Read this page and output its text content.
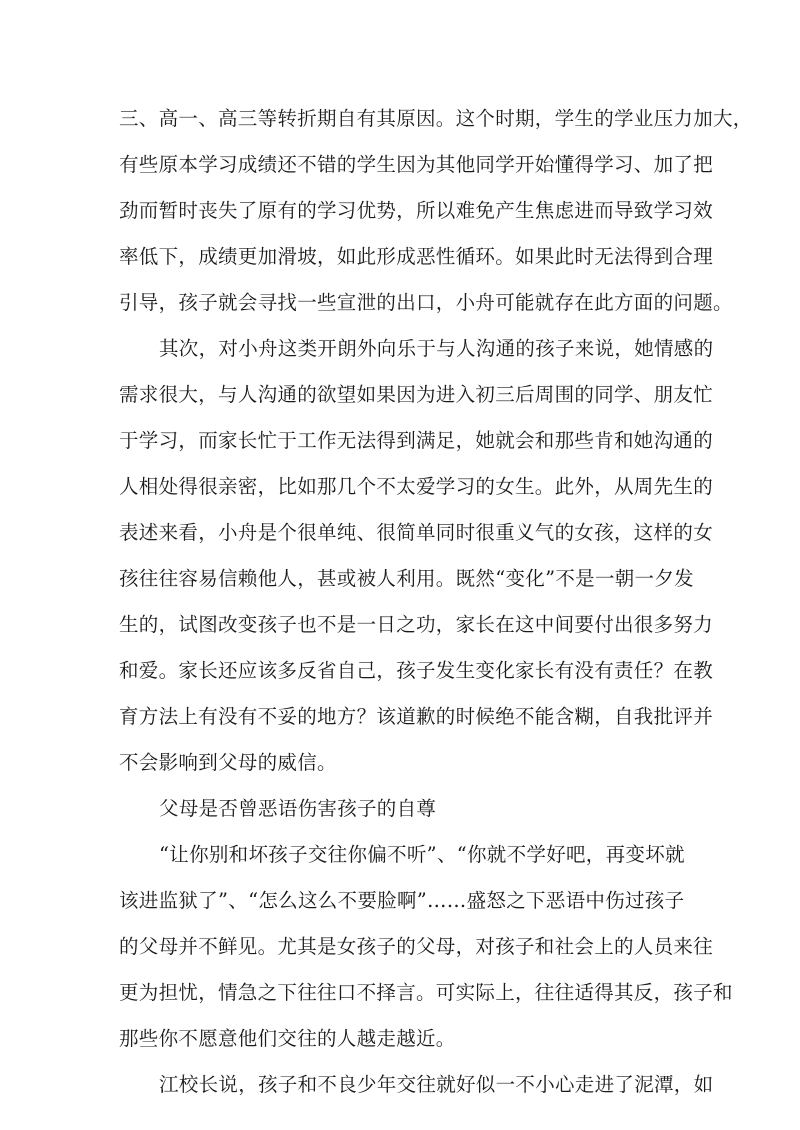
三、高一、高三等转折期自有其原因。这个时期，学生的学业压力加大，
有些原本学习成绩还不错的学生因为其他同学开始懂得学习、加了把
劲而暂时丧失了原有的学习优势，所以难免产生焦虑进而导致学习效
率低下，成绩更加滑坡，如此形成恶性循环。如果此时无法得到合理
引导，孩子就会寻找一些宣泄的出口，小舟可能就存在此方面的问题。
其次，对小舟这类开朗外向乐于与人沟通的孩子来说，她情感的
需求很大，与人沟通的欲望如果因为进入初三后周围的同学、朋友忙
于学习，而家长忙于工作无法得到满足，她就会和那些肯和她沟通的
人相处得很亲密，比如那几个不太爱学习的女生。此外，从周先生的
表述来看，小舟是个很单纯、很简单同时很重义气的女孩，这样的女
孩往往容易信赖他人，甚或被人利用。既然“变化”不是一朝一夕发
生的，试图改变孩子也不是一日之功，家长在这中间要付出很多努力
和爱。家长还应该多反省自己，孩子发生变化家长有没有责任？在教
育方法上有没有不妥的地方？该道歉的时候绝不能含糊，自我批评并
不会影响到父母的威信。
父母是否曾恶语伤害孩子的自尊
“让你别和坏孩子交往你偏不听”、“你就不学好吧，再变坏就
该进监狱了”、“怎么这么不要脸啊”……盛怒之下恶语中伤过孩子
的父母并不鲜见。尤其是女孩子的父母，对孩子和社会上的人员来往
更为担忧，情急之下往往口不择言。可实际上，往往适得其反，孩子和
那些你不愿意他们交往的人越走越近。
江校长说，孩子和不良少年交往就好似一不小心走进了泥潭，如
